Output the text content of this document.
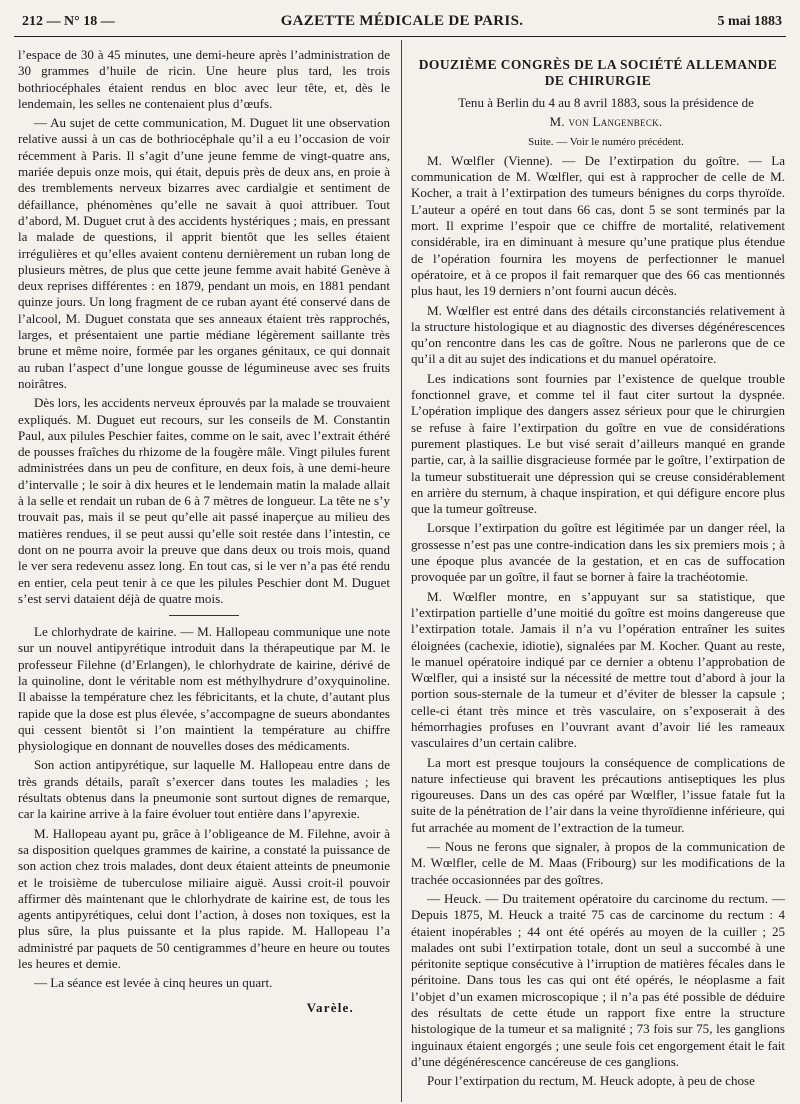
212 — N° 18 —	GAZETTE MÉDICALE DE PARIS.	5 mai 1883

l’espace de 30 à 45 minutes, une demi-heure après l’administration de 30 grammes d’huile de ricin. Une heure plus tard, les trois bothriocéphales étaient rendus en bloc avec leur tête, et, dès le lendemain, les selles ne contenaient plus d’œufs.

— Au sujet de cette communication, M. Duguet lit une observation relative aussi à un cas de bothriocéphale qu’il a eu l’occasion de voir récemment à Paris. Il s’agit d’une jeune femme de vingt-quatre ans, mariée depuis onze mois, qui était, depuis près de deux ans, en proie à des tremblements nerveux bizarres avec cardialgie et sentiment de défaillance, phénomènes qu’elle ne savait à quoi attribuer. Tout d’abord, M. Duguet crut à des accidents hystériques ; mais, en pressant la malade de questions, il apprit bientôt que les selles étaient irrégulières et qu’elles avaient contenu dernièrement un ruban long de plusieurs mètres, de plus que cette jeune femme avait habité Genève à deux reprises différentes : en 1879, pendant un mois, en 1881 pendant quinze jours. Un long fragment de ce ruban ayant été conservé dans de l’alcool, M. Duguet constata que ses anneaux étaient très rapprochés, larges, et présentaient une partie médiane légèrement saillante très brune et même noire, formée par les organes génitaux, ce qui donnait au ruban l’aspect d’une longue gousse de légumineuse avec ses fruits noirâtres.

Dès lors, les accidents nerveux éprouvés par la malade se trouvaient expliqués. M. Duguet eut recours, sur les conseils de M. Constantin Paul, aux pilules Peschier faites, comme on le sait, avec l’extrait éthéré de pousses fraîches du rhizome de la fougère mâle. Vingt pilules furent administrées dans un peu de confiture, en deux fois, à une demi-heure d’intervalle ; le soir à dix heures et le lendemain matin la malade allait à la selle et rendait un ruban de 6 à 7 mètres de longueur. La tête ne s’y trouvait pas, mais il se peut qu’elle ait passé inaperçue au milieu des matières rendues, il se peut aussi qu’elle soit restée dans l’intestin, ce dont on ne pourra avoir la preuve que dans deux ou trois mois, quand le ver sera redevenu assez long. En tout cas, si le ver n’a pas été rendu en entier, cela peut tenir à ce que les pilules Peschier dont M. Duguet s’est servi dataient déjà de quatre mois.

Le chlorhydrate de kairine. — M. Hallopeau communique une note sur un nouvel antipyrétique introduit dans la thérapeutique par M. le professeur Filehne (d’Erlangen), le chlorhydrate de kairine, dérivé de la quinoline, dont le véritable nom est méthylhydrure d’oxyquinoline. Il abaisse la température chez les fébricitants, et la chute, d’autant plus rapide que la dose est plus élevée, s’accompagne de sueurs abondantes qui cessent bientôt si l’on maintient la température au chiffre physiologique en donnant de nouvelles doses des médicaments.

Son action antipyrétique, sur laquelle M. Hallopeau entre dans de très grands détails, paraît s’exercer dans toutes les maladies ; les résultats obtenus dans la pneumonie sont surtout dignes de remarque, car la kairine arrive à la faire évoluer tout entière dans l’apyrexie.

M. Hallopeau ayant pu, grâce à l’obligeance de M. Filehne, avoir à sa disposition quelques grammes de kairine, a constaté la puissance de son action chez trois malades, dont deux étaient atteints de pneumonie et le troisième de tuberculose miliaire aiguë. Aussi croit-il pouvoir affirmer dès maintenant que le chlorhydrate de kairine est, de tous les agents antipyrétiques, celui dont l’action, à doses non toxiques, est la plus sûre, la plus puissante et la plus rapide. M. Hallopeau l’a administré par paquets de 50 centigrammes d’heure en heure ou toutes les heures et demie.

— La séance est levée à cinq heures un quart.

Varèle.
DOUZIÈME CONGRÈS DE LA SOCIÉTÉ ALLEMANDE
DE CHIRURGIE

Tenu à Berlin du 4 au 8 avril 1883, sous la présidence de

M. von Langenbeck.

Suite. — Voir le numéro précédent.

M. Wœlfler (Vienne). — De l’extirpation du goître. — La communication de M. Wœlfler, qui est à rapprocher de celle de M. Kocher, a trait à l’extirpation des tumeurs bénignes du corps thyroïde. L’auteur a opéré en tout dans 66 cas, dont 5 se sont terminés par la mort. Il exprime l’espoir que ce chiffre de mortalité, relativement considérable, ira en diminuant à mesure qu’une pratique plus étendue de l’opération fournira les moyens de perfectionner le manuel opératoire, et à ce propos il fait remarquer que des 66 cas mentionnés plus haut, les 19 derniers n’ont fourni aucun décès.

M. Wœlfler est entré dans des détails circonstanciés relativement à la structure histologique et au diagnostic des diverses dégénérescences qu’on rencontre dans les cas de goître. Nous ne parlerons que de ce qu’il a dit au sujet des indications et du manuel opératoire.

Les indications sont fournies par l’existence de quelque trouble fonctionnel grave, et comme tel il faut citer surtout la dyspnée. L’opération implique des dangers assez sérieux pour que le chirurgien se refuse à faire l’extirpation du goître en vue de considérations purement plastiques. Le but visé serait d’ailleurs manqué en grande partie, car, à la saillie disgracieuse formée par le goître, l’extirpation de la tumeur substituerait une dépression qui se creuse considérablement en arrière du sternum, à chaque inspiration, et qui défigure encore plus que la tumeur goîtreuse.

Lorsque l’extirpation du goître est légitimée par un danger réel, la grossesse n’est pas une contre-indication dans les six premiers mois ; à une époque plus avancée de la gestation, et en cas de suffocation provoquée par un goître, il faut se borner à faire la trachéotomie.

M. Wœlfler montre, en s’appuyant sur sa statistique, que l’extirpation partielle d’une moitié du goître est moins dangereuse que l’extirpation totale. Jamais il n’a vu l’opération entraîner les suites éloignées (cachexie, idiotie), signalées par M. Kocher. Quant au reste, le manuel opératoire indiqué par ce dernier a obtenu l’approbation de Wœlfler, qui a insisté sur la nécessité de mettre tout d’abord à jour la portion sous-sternale de la tumeur et d’éviter de blesser la capsule ; celle-ci étant très mince et très vasculaire, on s’exposerait à des hémorrhagies profuses en l’ouvrant avant d’avoir lié les rameaux vasculaires d’un certain calibre.

La mort est presque toujours la conséquence de complications de nature infectieuse qui bravent les précautions antiseptiques les plus rigoureuses. Dans un des cas opéré par Wœlfler, l’issue fatale fut la suite de la pénétration de l’air dans la veine thyroïdienne inférieure, qui fut arrachée au moment de l’extraction de la tumeur.

— Nous ne ferons que signaler, à propos de la communication de M. Wœlfler, celle de M. Maas (Fribourg) sur les modifications de la trachée occasionnées par des goîtres.

— Heuck. — Du traitement opératoire du carcinome du rectum. — Depuis 1875, M. Heuck a traité 75 cas de carcinome du rectum : 4 étaient inopérables ; 44 ont été opérés au moyen de la cuiller ; 25 malades ont subi l’extirpation totale, dont un seul a succombé à une péritonite septique consécutive à l’irruption de matières fécales dans le péritoine. Dans tous les cas qui ont été opérés, le néoplasme a fait l’objet d’un examen microscopique ; il n’a pas été possible de déduire des résultats de cette étude un rapport fixe entre la structure histologique de la tumeur et sa malignité ; 73 fois sur 75, les ganglions inguinaux étaient engorgés ; une seule fois cet engorgement était le fait d’une dégénérescence cancéreuse de ces ganglions.

Pour l’extirpation du rectum, M. Heuck adopte, à peu de chose
